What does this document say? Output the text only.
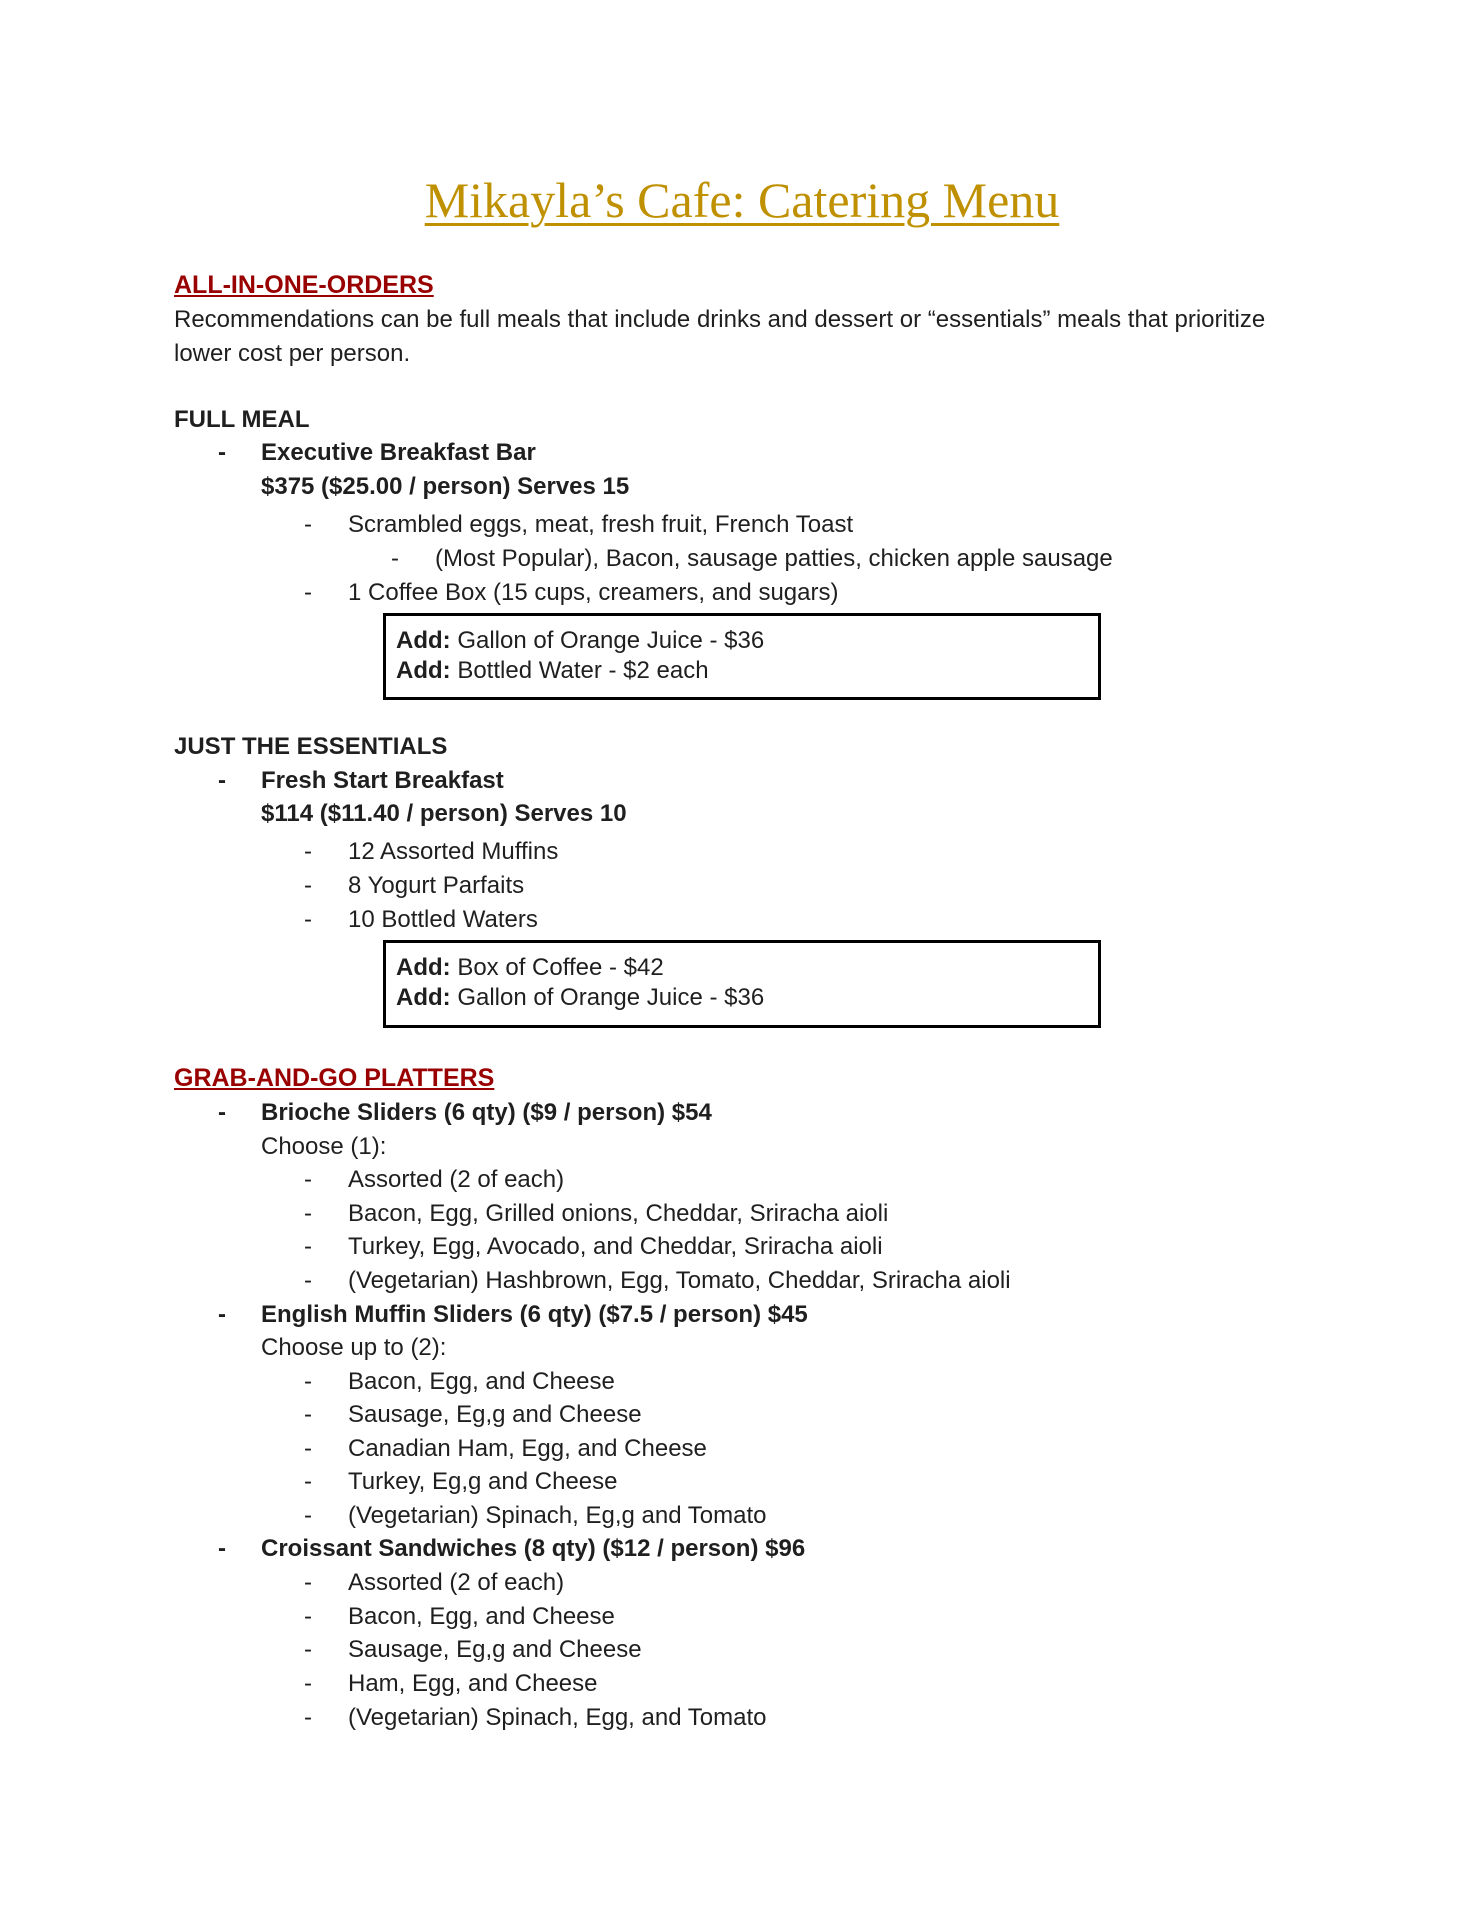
Mikayla’s Cafe: Catering Menu
ALL-IN-ONE-ORDERS
Recommendations can be full meals that include drinks and dessert or “essentials” meals that prioritize
lower cost per person.
FULL MEAL
- Executive Breakfast Bar
$375 ($25.00 / person) Serves 15
- Scrambled eggs, meat, fresh fruit, French Toast
- (Most Popular), Bacon, sausage patties, chicken apple sausage
- 1 Coffee Box (15 cups, creamers, and sugars)
Add: Gallon of Orange Juice - $36
Add: Bottled Water - $2 each
JUST THE ESSENTIALS
- Fresh Start Breakfast
$114 ($11.40 / person) Serves 10
- 12 Assorted Muffins
- 8 Yogurt Parfaits
- 10 Bottled Waters
Add: Box of Coffee - $42
Add: Gallon of Orange Juice - $36
GRAB-AND-GO PLATTERS
- Brioche Sliders (6 qty) ($9 / person) $54
Choose (1):
- Assorted (2 of each)
- Bacon, Egg, Grilled onions, Cheddar, Sriracha aioli
- Turkey, Egg, Avocado, and Cheddar, Sriracha aioli
- (Vegetarian) Hashbrown, Egg, Tomato, Cheddar, Sriracha aioli
- English Muffin Sliders (6 qty) ($7.5 / person) $45
Choose up to (2):
- Bacon, Egg, and Cheese
- Sausage, Eg,g and Cheese
- Canadian Ham, Egg, and Cheese
- Turkey, Eg,g and Cheese
- (Vegetarian) Spinach, Eg,g and Tomato
- Croissant Sandwiches (8 qty) ($12 / person) $96
- Assorted (2 of each)
- Bacon, Egg, and Cheese
- Sausage, Eg,g and Cheese
- Ham, Egg, and Cheese
- (Vegetarian) Spinach, Egg, and Tomato
